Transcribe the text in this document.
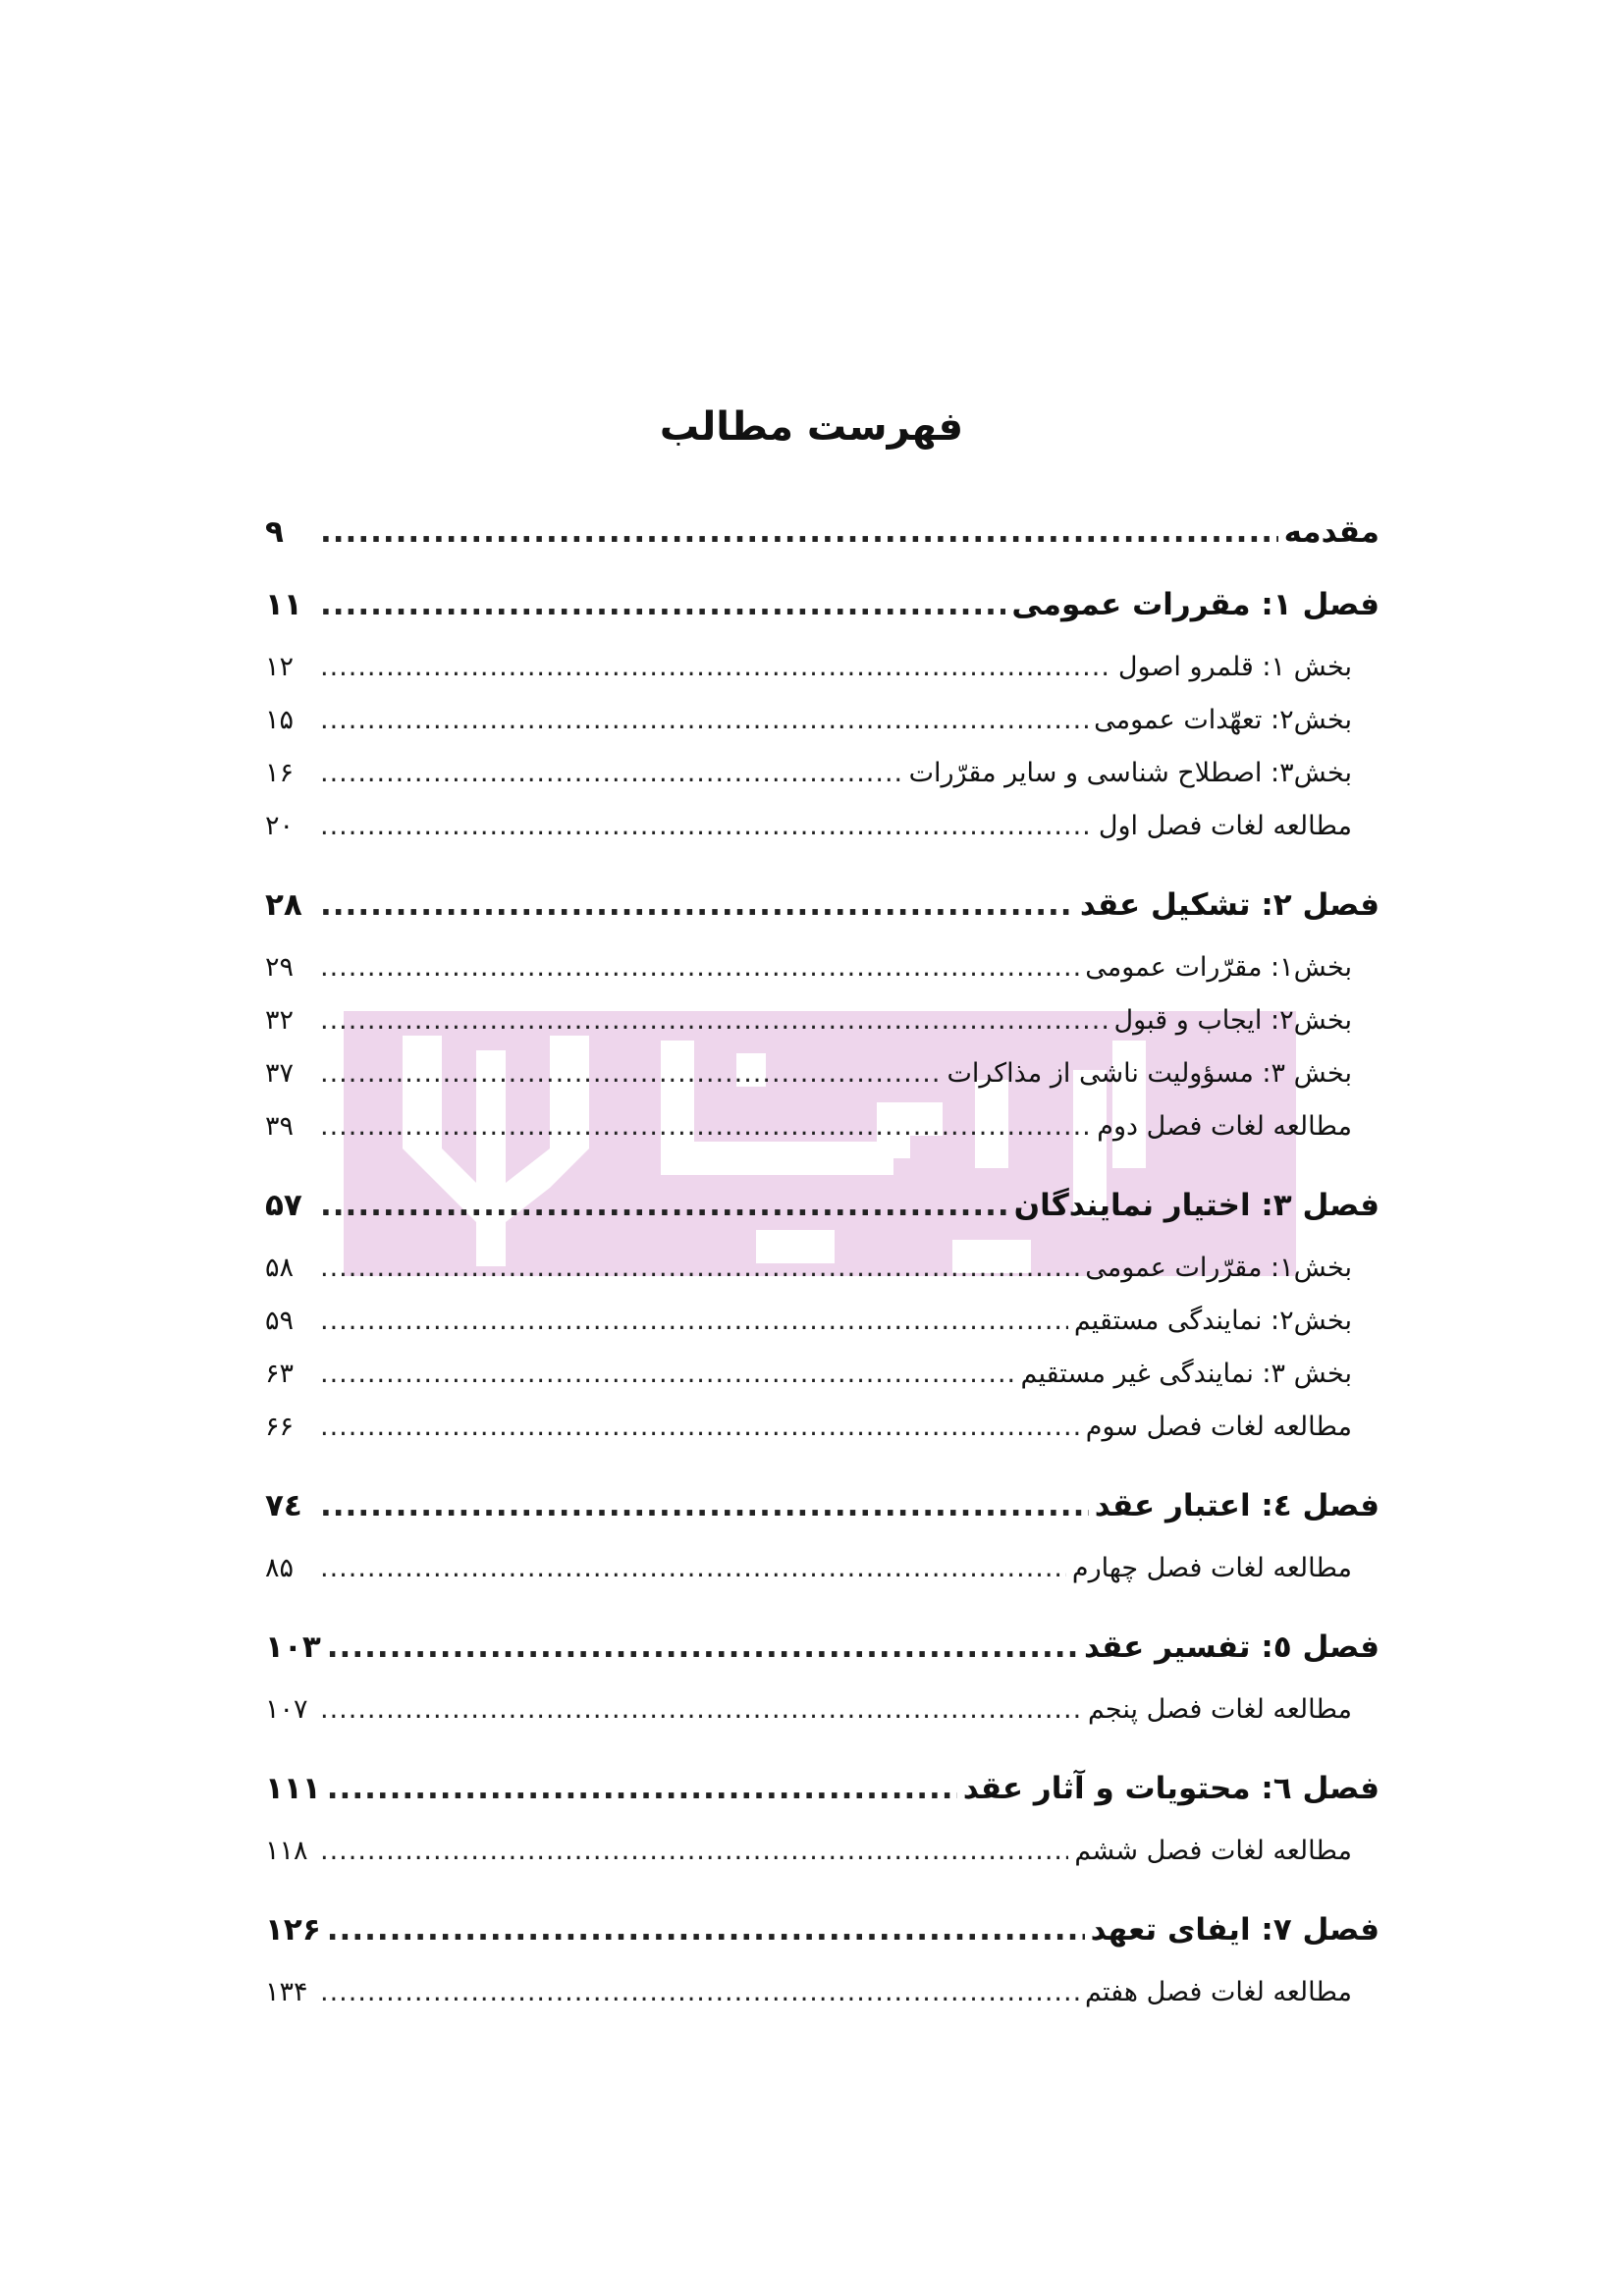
فهرست مطالب
مقدمه
.....
۹
فصل ۱: مقررات عمومی
.....
۱۱
بخش ۱: قلمرو اصول
.....
۱۲
بخش۲: تعهّدات عمومی
.....
۱۵
بخش۳: اصطلاح شناسی و سایر مقرّرات
.....
۱۶
مطالعه لغات فصل اول
.....
۲۰
فصل ۲: تشکیل عقد
.....
۲۸
بخش۱: مقرّرات عمومی
.....
۲۹
بخش۲: ایجاب و قبول
.....
۳۲
بخش ۳: مسؤولیت ناشی از مذاکرات
.....
۳۷
مطالعه لغات فصل دوم
.....
۳۹
فصل ۳: اختیار نمایندگان
.....
۵۷
بخش۱: مقرّرات عمومی
.....
۵۸
بخش۲: نمایندگی مستقیم
.....
۵۹
بخش ۳: نمایندگی غیر مستقیم
.....
۶۳
مطالعه لغات فصل سوم
.....
۶۶
فصل ٤: اعتبار عقد
.....
۷٤
مطالعه لغات فصل چهارم
.....
۸۵
فصل ٥: تفسیر عقد
.....
۱۰۳
مطالعه لغات فصل پنجم
.....
۱۰۷
فصل ٦: محتویات و آثار عقد
.....
۱۱۱
مطالعه لغات فصل ششم
.....
۱۱۸
فصل ۷: ایفای تعهد
.....
۱۲۶
مطالعه لغات فصل هفتم
.....
۱۳۴
